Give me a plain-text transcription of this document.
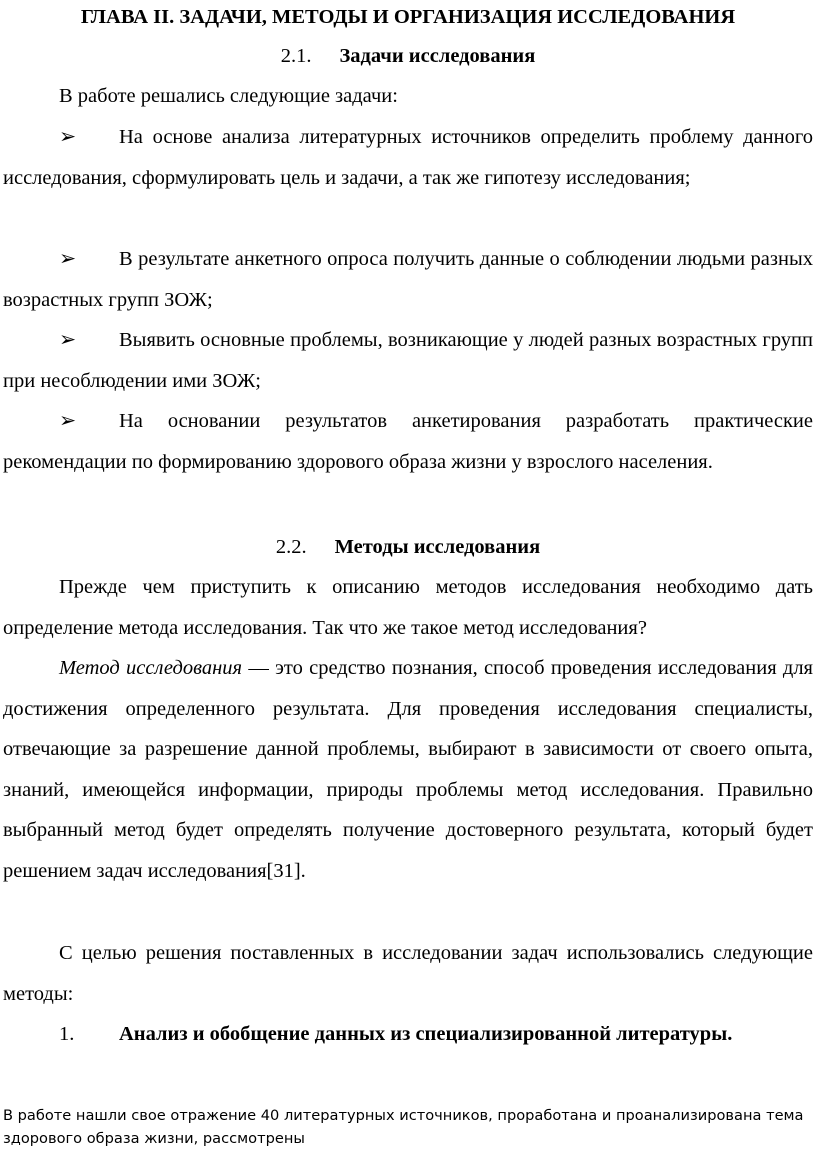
ГЛАВА II. ЗАДАЧИ, МЕТОДЫ И ОРГАНИЗАЦИЯ ИССЛЕДОВАНИЯ
2.1. Задачи исследования

В работе решались следующие задачи:

➢ На основе анализа литературных источников определить проблему данного исследования, сформулировать цель и задачи, а так же гипотезу исследования;

➢ В результате анкетного опроса получить данные о соблюдении людьми разных возрастных групп ЗОЖ;

➢ Выявить основные проблемы, возникающие у людей разных возрастных групп при несоблюдении ими ЗОЖ;

➢ На основании результатов анкетирования разработать практические рекомендации по формированию здорового образа жизни у взрослого населения.

2.2. Методы исследования

Прежде чем приступить к описанию методов исследования необходимо дать определение метода исследования. Так что же такое метод исследования?

Метод исследования — это средство познания, способ проведения исследования для достижения определенного результата. Для проведения исследования специалисты, отвечающие за разрешение данной проблемы, выбирают в зависимости от своего опыта, знаний, имеющейся информации, природы проблемы метод исследования. Правильно выбранный метод будет определять получение достоверного результата, который будет решением задач исследования[31].

С целью решения поставленных в исследовании задач использовались следующие методы:

1. Анализ и обобщение данных из специализированной литературы.

В работе нашли свое отражение 40 литературных источников, проработана и проанализирована тема здорового образа жизни, рассмотрены
